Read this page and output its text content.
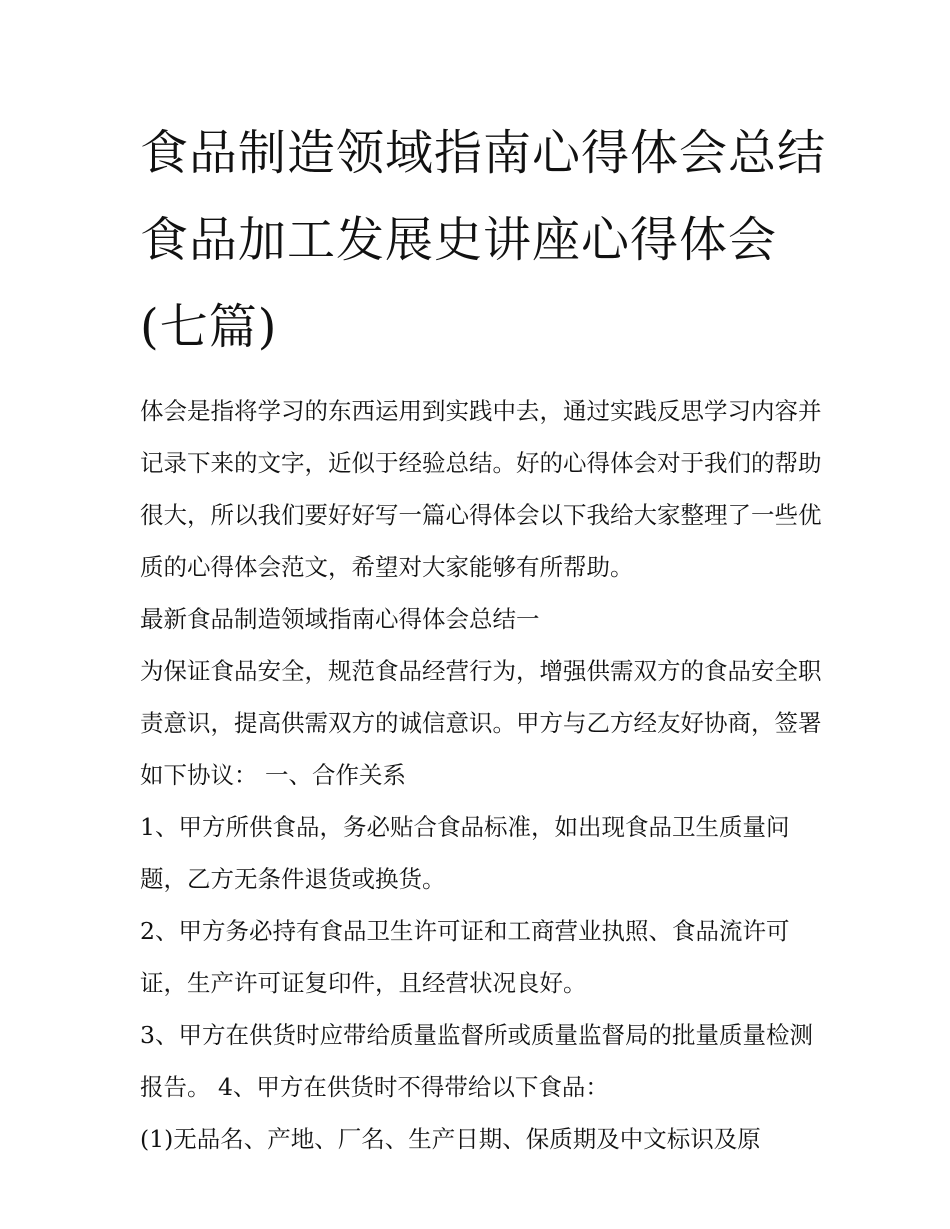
食品制造领域指南心得体会总结 食品加工发展史讲座心得体会(七篇)

体会是指将学习的东西运用到实践中去，通过实践反思学习内容并记录下来的文字，近似于经验总结。好的心得体会对于我们的帮助很大，所以我们要好好写一篇心得体会以下我给大家整理了一些优质的心得体会范文，希望对大家能够有所帮助。

最新食品制造领域指南心得体会总结一

为保证食品安全，规范食品经营行为，增强供需双方的食品安全职责意识，提高供需双方的诚信意识。甲方与乙方经友好协商，签署如下协议： 一、合作关系

1、甲方所供食品，务必贴合食品标准，如出现食品卫生质量问题，乙方无条件退货或换货。

2、甲方务必持有食品卫生许可证和工商营业执照、食品流许可证，生产许可证复印件，且经营状况良好。

3、甲方在供货时应带给质量监督所或质量监督局的批量质量检测报告。 4、甲方在供货时不得带给以下食品：

(1)无品名、产地、厂名、生产日期、保质期及中文标识及原
